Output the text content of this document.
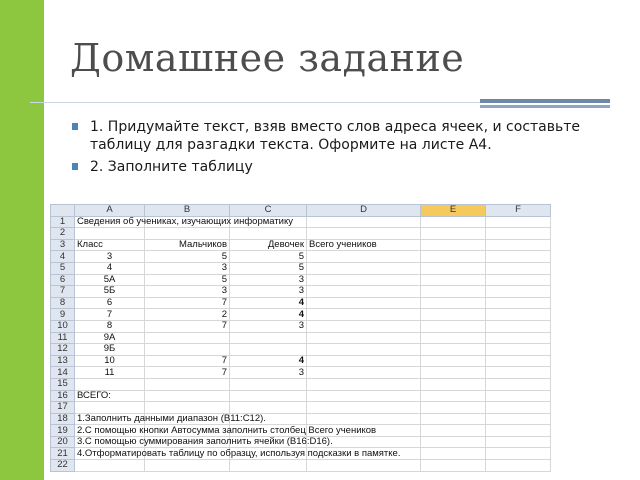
Домашнее задание
1. Придумайте текст, взяв вместо слов адреса ячеек, и составьте таблицу для разгадки текста. Оформите на листе А4.
2. Заполните таблицу
	A	B	C	D	E	F
1	Сведения об учениках, изучающих информатику					
2						
3	Класс	Мальчиков	Девочек	Всего учеников		
4	3	5	5			
5	4	3	5			
6	5А	5	3			
7	5Б	3	3			
8	6	7	4			
9	7	2	4			
10	8	7	3			
11	9А					
12	9Б					
13	10	7	4			
14	11	7	3			
15						
16	ВСЕГО:					
17						
18	1.Заполнить данными диапазон (B11:C12).					
19	2.С помощью кнопки Автосумма заполнить столбец Всего учеников					
20	3.С помощью суммирования заполнить ячейки (B16:D16).					
21	4.Отформатировать таблицу по образцу, используя подсказки в памятке.					
22						
